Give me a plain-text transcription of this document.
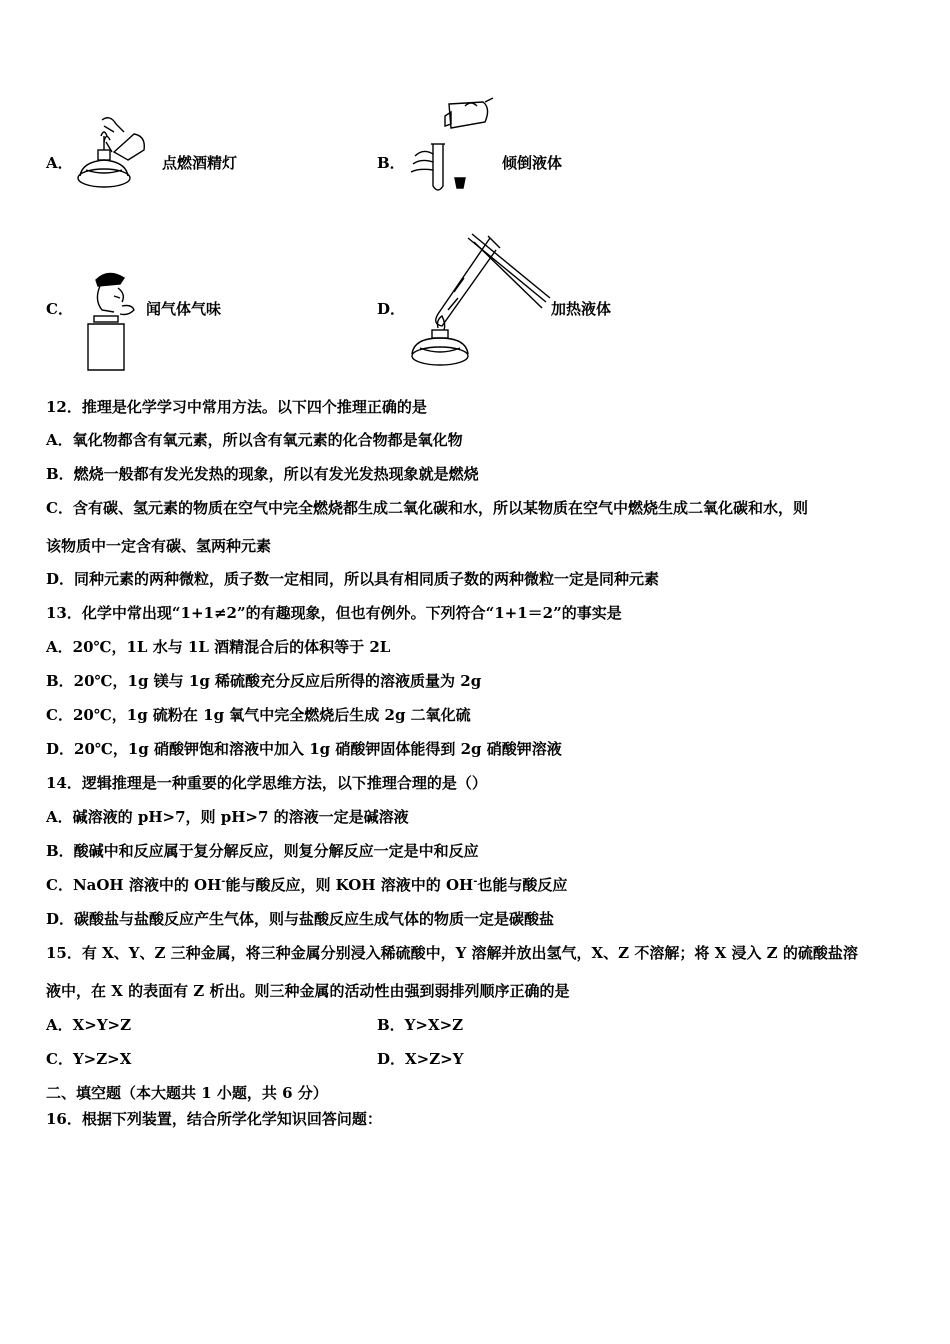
A．	点燃酒精灯	B．	倾倒液体
C．	闻气体气味	D．	加热液体
12．推理是化学学习中常用方法。以下四个推理正确的是
A．氧化物都含有氧元素，所以含有氧元素的化合物都是氧化物
B．燃烧一般都有发光发热的现象，所以有发光发热现象就是燃烧
C．含有碳、氢元素的物质在空气中完全燃烧都生成二氧化碳和水，所以某物质在空气中燃烧生成二氧化碳和水，则
该物质中一定含有碳、氢两种元素
D．同种元素的两种微粒，质子数一定相同，所以具有相同质子数的两种微粒一定是同种元素
13．化学中常出现“1+1≠2”的有趣现象，但也有例外。下列符合“1+1＝2”的事实是
A．20℃，1L 水与 1L 酒精混合后的体积等于 2L
B．20℃，1g 镁与 1g 稀硫酸充分反应后所得的溶液质量为 2g
C．20℃，1g 硫粉在 1g 氧气中完全燃烧后生成 2g 二氧化硫
D．20℃，1g 硝酸钾饱和溶液中加入 1g 硝酸钾固体能得到 2g 硝酸钾溶液
14．逻辑推理是一种重要的化学思维方法，以下推理合理的是（）
A．碱溶液的 pH>7，则 pH>7 的溶液一定是碱溶液
B．酸碱中和反应属于复分解反应，则复分解反应一定是中和反应
C．NaOH 溶液中的 OH-能与酸反应，则 KOH 溶液中的 OH-也能与酸反应
D．碳酸盐与盐酸反应产生气体，则与盐酸反应生成气体的物质一定是碳酸盐
15．有 X、Y、Z 三种金属，将三种金属分别浸入稀硫酸中，Y 溶解并放出氢气，X、Z 不溶解；将 X 浸入 Z 的硫酸盐溶
液中，在 X 的表面有 Z 析出。则三种金属的活动性由强到弱排列顺序正确的是
A．X>Y>Z	B．Y>X>Z
C．Y>Z>X	D．X>Z>Y
二、填空题（本大题共 1 小题，共 6 分）
16．根据下列装置，结合所学化学知识回答问题：
